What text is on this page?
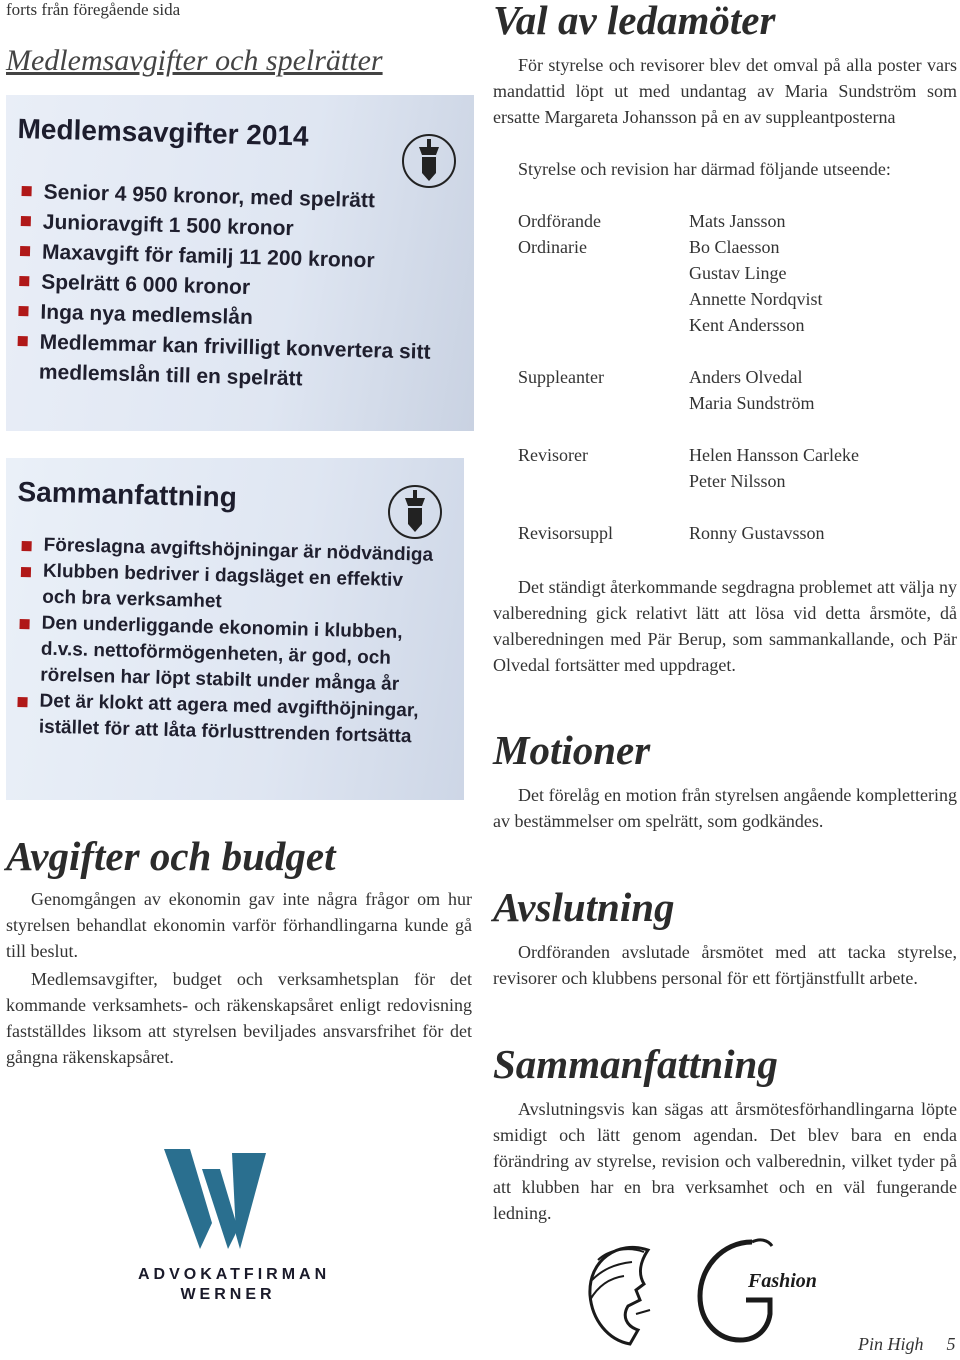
forts från föregående sida
Medlemsavgifter och spelrätter
Medlemsavgifter 2014
Senior 4 950 kronor, med spelrätt
Junioravgift 1 500 kronor
Maxavgift för familj 11 200 kronor
Spelrätt 6 000 kronor
Inga nya medlemslån
Medlemmar kan frivilligt konvertera sitt
medlemslån till en spelrätt
Sammanfattning
Föreslagna avgiftshöjningar är nödvändiga
Klubben bedriver i dagsläget en effektiv
och bra verksamhet
Den underliggande ekonomin i klubben,
d.v.s. nettoförmögenheten, är god, och
rörelsen har löpt stabilt under många år
Det är klokt att agera med avgifthöjningar,
istället för att låta förlusttrenden fortsätta
Avgifter och budget
Genomgången av ekonomin gav inte några frågor om hur styrelsen behandlat ekonomin varför förhandlingarna kunde gå till beslut.
Medlemsavgifter, budget och verksamhetsplan för det kommande verksamhets- och räkenskapsåret enligt redovisning fastställdes liksom att styrelsen beviljades ansvarsfrihet för det gångna räkenskapsåret.
ADVOKATFIRMAN
WERNER
Val av ledamöter
För styrelse och revisorer blev det omval på alla poster vars mandattid löpt ut med undantag av Maria Sundström som ersatte Margareta Johansson på en av suppleantposterna
Styrelse och revision har därmad följande utseende:
Ordförande	Mats Jansson
Ordinarie	Bo Claesson
Gustav Linge
Annette Nordqvist
Kent Andersson
Suppleanter	Anders Olvedal
Maria Sundström
Revisorer	Helen Hansson Carleke
Peter Nilsson
Revisorsuppl	Ronny Gustavsson
Det ständigt återkommande segdragna problemet att välja ny valberedning gick relativt lätt att lösa vid detta årsmöte, då valberedningen med Pär Berup, som sammankallande, och Pär Olvedal fortsätter med uppdraget.
Motioner
Det förelåg en motion från styrelsen angående komplettering av bestämmelser om spelrätt, som godkändes.
Avslutning
Ordföranden avslutade årsmötet med att tacka styrelse, revisorer och klubbens personal för ett förtjänstfullt arbete.
Sammanfattning
Avslutningsvis kan sägas att årsmötesförhandlingarna löpte smidigt och lätt genom agendan. Det blev bara en enda förändring av styrelse, revision och valberednin, vilket tyder på att klubben har en bra verksamhet och en väl fungerande ledning.
Fashion
Pin High 5
